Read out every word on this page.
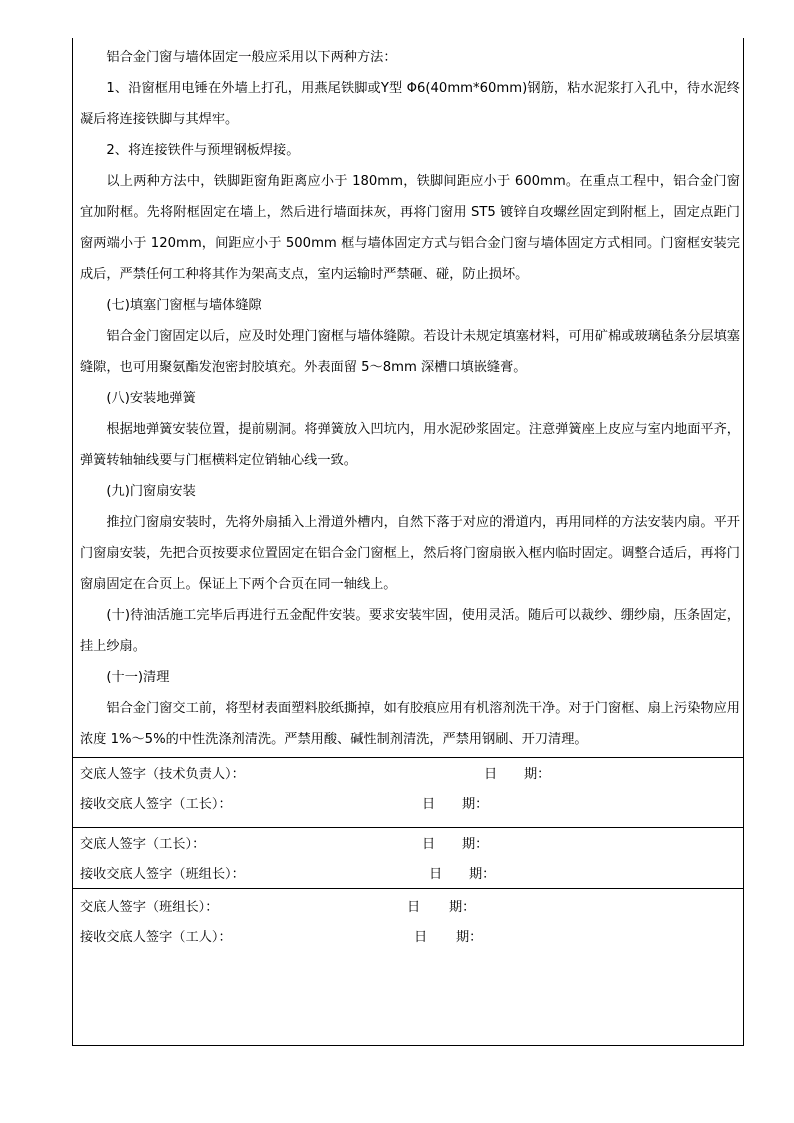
铝合金门窗与墙体固定一般应采用以下两种方法：

1、沿窗框用电锤在外墙上打孔，用燕尾铁脚或Y型 Φ6(40mm*60mm)钢筋，粘水泥浆打入孔中，待水泥终凝后将连接铁脚与其焊牢。

2、将连接铁件与预埋钢板焊接。

以上两种方法中，铁脚距窗角距离应小于 180mm，铁脚间距应小于 600mm。在重点工程中，铝合金门窗宜加附框。先将附框固定在墙上，然后进行墙面抹灰，再将门窗用 ST5 镀锌自攻螺丝固定到附框上，固定点距门窗两端小于 120mm，间距应小于 500mm 框与墙体固定方式与铝合金门窗与墙体固定方式相同。门窗框安装完成后，严禁任何工种将其作为架高支点，室内运输时严禁砸、碰，防止损坏。

(七)填塞门窗框与墙体缝隙

铝合金门窗固定以后，应及时处理门窗框与墙体缝隙。若设计未规定填塞材料，可用矿棉或玻璃毡条分层填塞缝隙，也可用聚氨酯发泡密封胶填充。外表面留 5～8mm 深槽口填嵌缝膏。

(八)安装地弹簧

根据地弹簧安装位置，提前剔洞。将弹簧放入凹坑内，用水泥砂浆固定。注意弹簧座上皮应与室内地面平齐，弹簧转轴轴线要与门框横料定位销轴心线一致。

(九)门窗扇安装

推拉门窗扇安装时，先将外扇插入上滑道外槽内，自然下落于对应的滑道内，再用同样的方法安装内扇。平开门窗扇安装，先把合页按要求位置固定在铝合金门窗框上，然后将门窗扇嵌入框内临时固定。调整合适后，再将门窗扇固定在合页上。保证上下两个合页在同一轴线上。

(十)待油活施工完毕后再进行五金配件安装。要求安装牢固，使用灵活。随后可以裁纱、绷纱扇，压条固定，挂上纱扇。

(十一)清理

铝合金门窗交工前，将型材表面塑料胶纸撕掉，如有胶痕应用有机溶剂洗干净。对于门窗框、扇上污染物应用浓度 1%～5%的中性洗涤剂清洗。严禁用酸、碱性制剂清洗，严禁用钢刷、开刀清理。

交底人签字（技术负责人）：	日 期：
接收交底人签字（工长）：	日 期：
交底人签字（工长）：	日 期：
接收交底人签字（班组长）：	日 期：
交底人签字（班组长）：	日 期：
接收交底人签字（工人）：	日 期：
